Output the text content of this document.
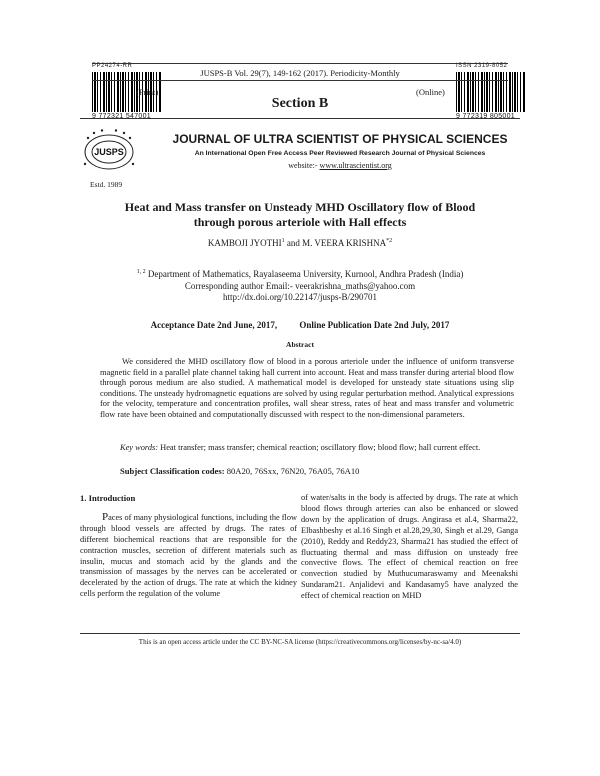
PP24274-RR
9 772321 547001
ISSN 2319-8052
9 772319 805001
JUSPS-B Vol. 29(7), 149-162 (2017). Periodicity-Monthly
(Print)	(Online)
Section B
JUSPS
Estd. 1989
JOURNAL OF ULTRA SCIENTIST OF PHYSICAL SCIENCES
An International Open Free Access Peer Reviewed Research Journal of Physical Sciences
website:- www.ultrascientist.org
Heat and Mass transfer on Unsteady MHD Oscillatory flow of Blood
through porous arteriole with Hall effects
KAMBOJI JYOTHI$^1$ and M. VEERA KRISHNA$^{*2}$
$^{1, 2}$ Department of Mathematics, Rayalaseema University, Kurnool, Andhra Pradesh (India)
Corresponding author Email:- veerakrishna_maths@yahoo.com
http://dx.doi.org/10.22147/jusps-B/290701
Acceptance Date 2nd June, 2017, Online Publication Date 2nd July, 2017
Abstract
We considered the MHD oscillatory flow of blood in a porous arteriole under the influence of uniform transverse magnetic field in a parallel plate channel taking hall current into account. Heat and mass transfer during arterial blood flow through porous medium are also studied. A mathematical model is developed for unsteady state situations using slip conditions. The unsteady hydromagnetic equations are solved by using regular perturbation method. Analytical expressions for the velocity, temperature and concentration profiles, wall shear stress, rates of heat and mass transfer and volumetric flow rate have been obtained and computationally discussed with respect to the non-dimensional parameters.
Key words: Heat transfer; mass transfer; chemical reaction; oscillatory flow; blood flow; hall current effect.
Subject Classification codes: 80A20, 76Sxx, 76N20, 76A05, 76A10
1. Introduction

Paces of many physiological functions, including the flow through blood vessels are affected by drugs. The rates of different biochemical reactions that are responsible for the contraction muscles, secretion of different materials such as insulin, mucus and stomach acid by the glands and the transmission of massages by the nerves can be accelerated or decelerated by the action of drugs. The rate at which the kidney cells perform the regulation of the volume

of water/salts in the body is affected by drugs. The rate at which blood flows through arteries can also be enhanced or slowed down by the application of drugs. Angirasa et al.4, Sharma22, Elbashbeshy et al.16 Singh et al.28,29,30, Singh et al.29, Ganga (2010), Reddy and Reddy23, Sharma21 has studied the effect of fluctuating thermal and mass diffusion on unsteady free convective flows. The effect of chemical reaction on free convection studied by Muthucumaraswamy and Meenakshi Sundaram21. Anjalidevi and Kandasamy5 have analyzed the effect of chemical reaction on MHD

This is an open access article under the CC BY-NC-SA license (https://creativecommons.org/licenses/by-nc-sa/4.0)
